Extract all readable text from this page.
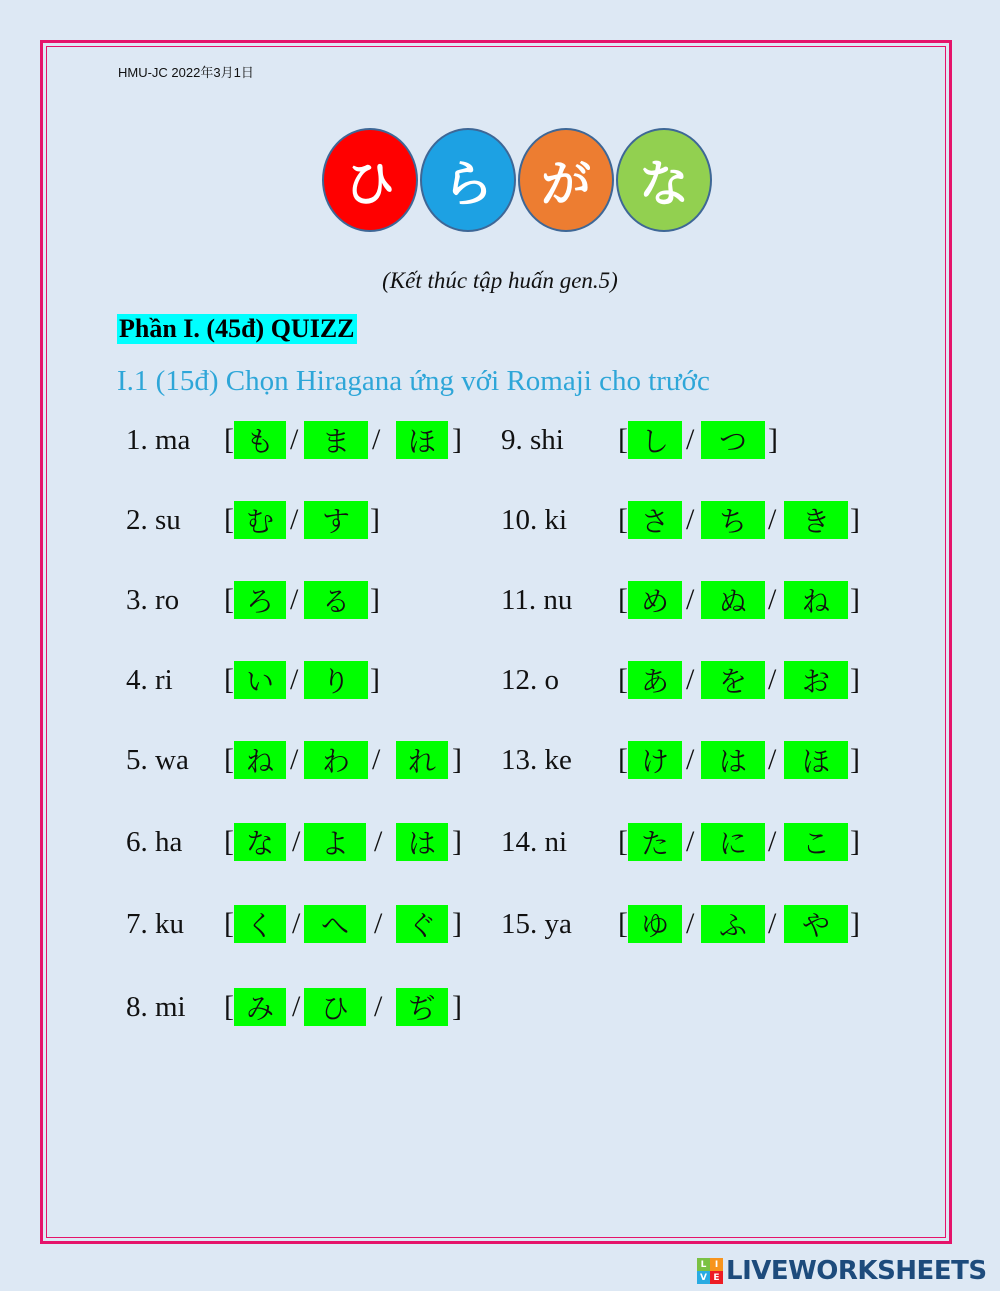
HMU-JC 2022年3月1日
ひ ら が な
(Kết thúc tập huấn gen.5)
Phần I. (45đ) QUIZZ
I.1 (15đ) Chọn Hiragana ứng với Romaji cho trước
1. ma [ も / ま / ほ ]
2. su [ む / す ]
3. ro [ ろ / る ]
4. ri [ い / り ]
5. wa [ ね / わ / れ ]
6. ha [ な / よ / は ]
7. ku [ く / へ / ぐ ]
8. mi [ み / ひ / ぢ ]
9. shi [ し / つ ]
10. ki [ さ / ち / き ]
11. nu [ め / ぬ / ね ]
12. o [ あ / を / お ]
13. ke [ け / は / ほ ]
14. ni [ た / に / こ ]
15. ya [ ゆ / ふ / や ]
L I
V E LIVEWORKSHEETS
